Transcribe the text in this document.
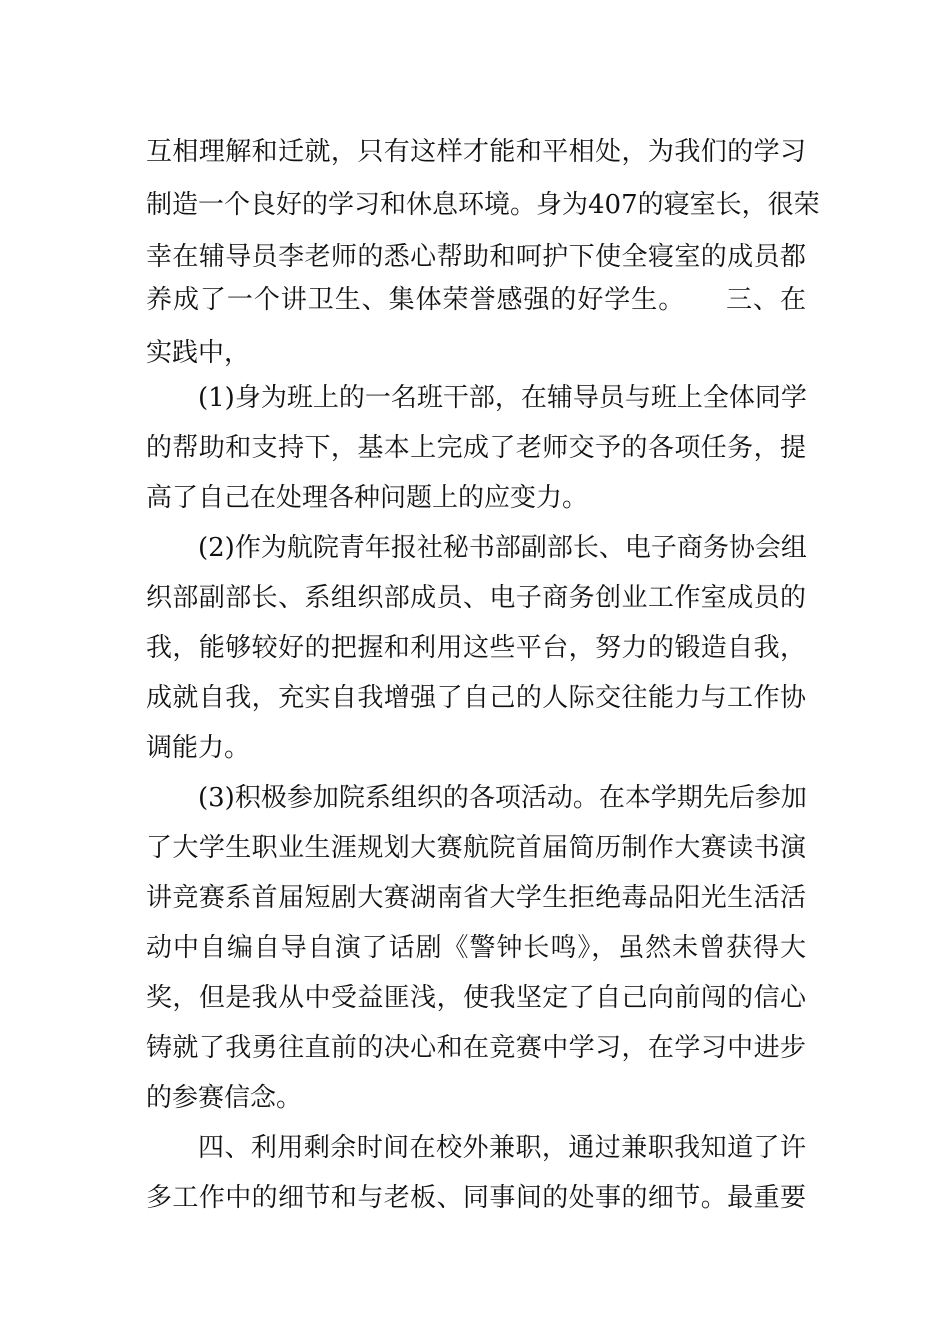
互相理解和迁就，只有这样才能和平相处，为我们的学习
制造一个良好的学习和休息环境。身为407的寝室长，很荣
幸在辅导员李老师的悉心帮助和呵护下使全寝室的成员都
养成了一个讲卫生、集体荣誉感强的好学生。　　三、在
实践中，
(1)身为班上的一名班干部，在辅导员与班上全体同学
的帮助和支持下，基本上完成了老师交予的各项任务，提
高了自己在处理各种问题上的应变力。
(2)作为航院青年报社秘书部副部长、电子商务协会组
织部副部长、系组织部成员、电子商务创业工作室成员的
我，能够较好的把握和利用这些平台，努力的锻造自我，
成就自我，充实自我增强了自己的人际交往能力与工作协
调能力。
(3)积极参加院系组织的各项活动。在本学期先后参加
了大学生职业生涯规划大赛航院首届简历制作大赛读书演
讲竞赛系首届短剧大赛湖南省大学生拒绝毒品阳光生活活
动中自编自导自演了话剧《警钟长鸣》，虽然未曾获得大
奖，但是我从中受益匪浅，使我坚定了自己向前闯的信心
铸就了我勇往直前的决心和在竞赛中学习，在学习中进步
的参赛信念。
四、利用剩余时间在校外兼职，通过兼职我知道了许
多工作中的细节和与老板、同事间的处事的细节。最重要
